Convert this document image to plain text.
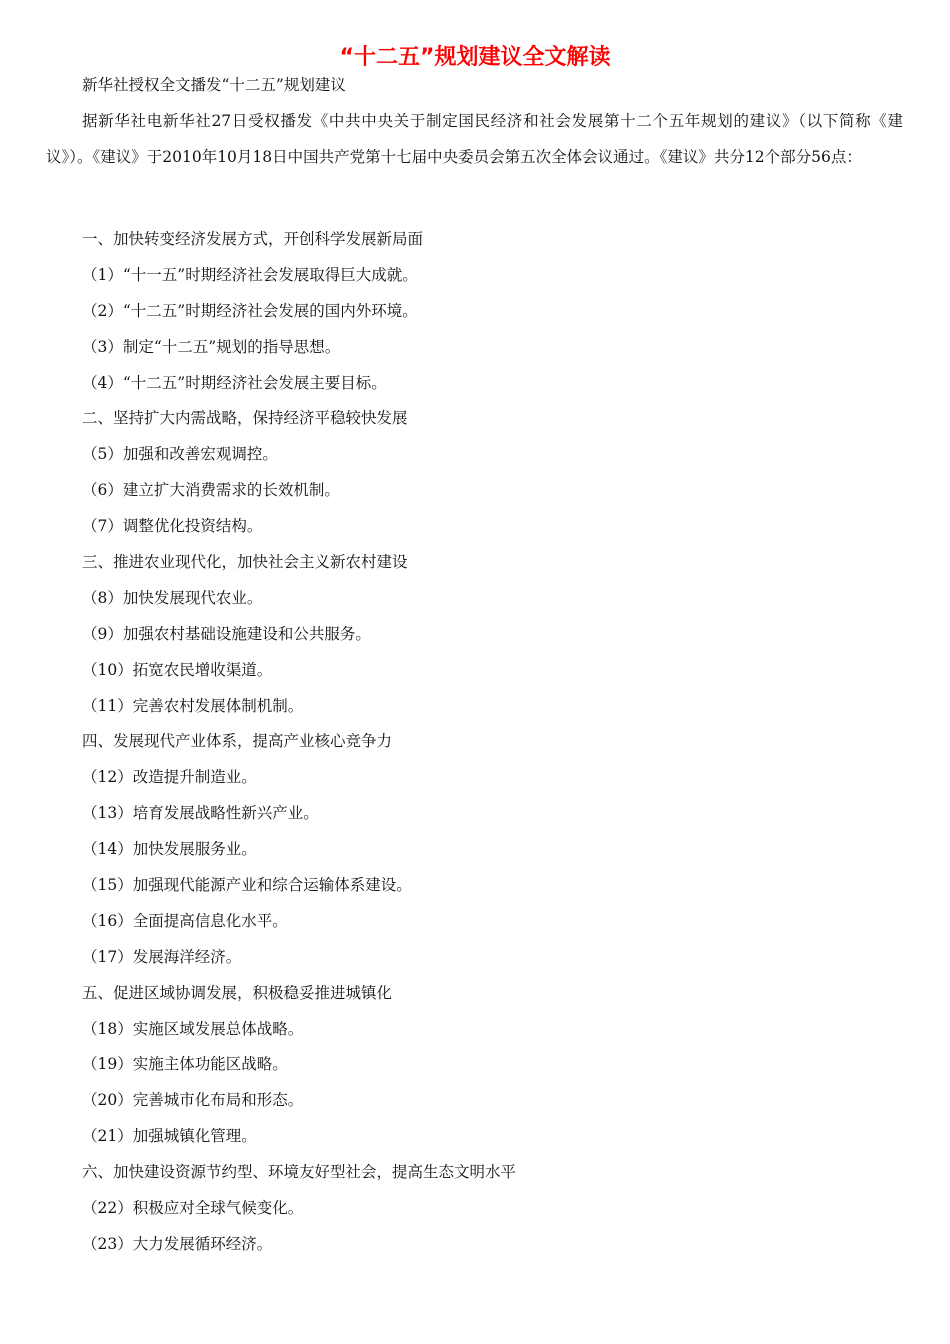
“十二五”规划建议全文解读
新华社授权全文播发“十二五”规划建议

据新华社电新华社27日受权播发《中共中央关于制定国民经济和社会发展第十二个五年规划的建议》（以下简称《建议》）。《建议》于2010年10月18日中国共产党第十七届中央委员会第五次全体会议通过。《建议》共分12个部分56点：

一、加快转变经济发展方式，开创科学发展新局面
（1）“十一五”时期经济社会发展取得巨大成就。
（2）“十二五”时期经济社会发展的国内外环境。
（3）制定“十二五”规划的指导思想。
（4）“十二五”时期经济社会发展主要目标。
二、坚持扩大内需战略，保持经济平稳较快发展
（5）加强和改善宏观调控。
（6）建立扩大消费需求的长效机制。
（7）调整优化投资结构。
三、推进农业现代化，加快社会主义新农村建设
（8）加快发展现代农业。
（9）加强农村基础设施建设和公共服务。
（10）拓宽农民增收渠道。
（11）完善农村发展体制机制。
四、发展现代产业体系，提高产业核心竞争力
（12）改造提升制造业。
（13）培育发展战略性新兴产业。
（14）加快发展服务业。
（15）加强现代能源产业和综合运输体系建设。
（16）全面提高信息化水平。
（17）发展海洋经济。
五、促进区域协调发展，积极稳妥推进城镇化
（18）实施区域发展总体战略。
（19）实施主体功能区战略。
（20）完善城市化布局和形态。
（21）加强城镇化管理。
六、加快建设资源节约型、环境友好型社会，提高生态文明水平
（22）积极应对全球气候变化。
（23）大力发展循环经济。
